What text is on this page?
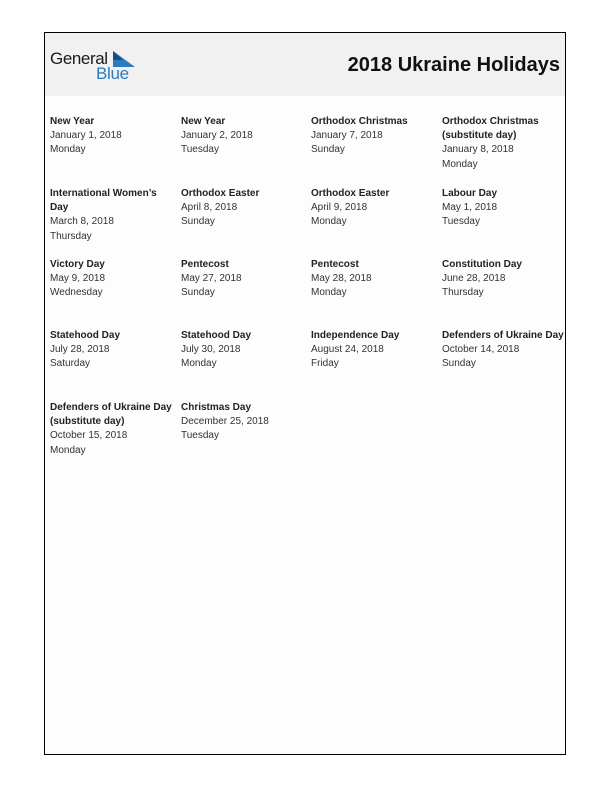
General
Blue	2018 Ukraine Holidays
New Year
January 1, 2018
Monday
New Year
January 2, 2018
Tuesday
Orthodox Christmas
January 7, 2018
Sunday
Orthodox Christmas (substitute day)
January 8, 2018
Monday
International Women’s Day
March 8, 2018
Thursday
Orthodox Easter
April 8, 2018
Sunday
Orthodox Easter
April 9, 2018
Monday
Labour Day
May 1, 2018
Tuesday
Victory Day
May 9, 2018
Wednesday
Pentecost
May 27, 2018
Sunday
Pentecost
May 28, 2018
Monday
Constitution Day
June 28, 2018
Thursday
Statehood Day
July 28, 2018
Saturday
Statehood Day
July 30, 2018
Monday
Independence Day
August 24, 2018
Friday
Defenders of Ukraine Day
October 14, 2018
Sunday
Defenders of Ukraine Day (substitute day)
October 15, 2018
Monday
Christmas Day
December 25, 2018
Tuesday
